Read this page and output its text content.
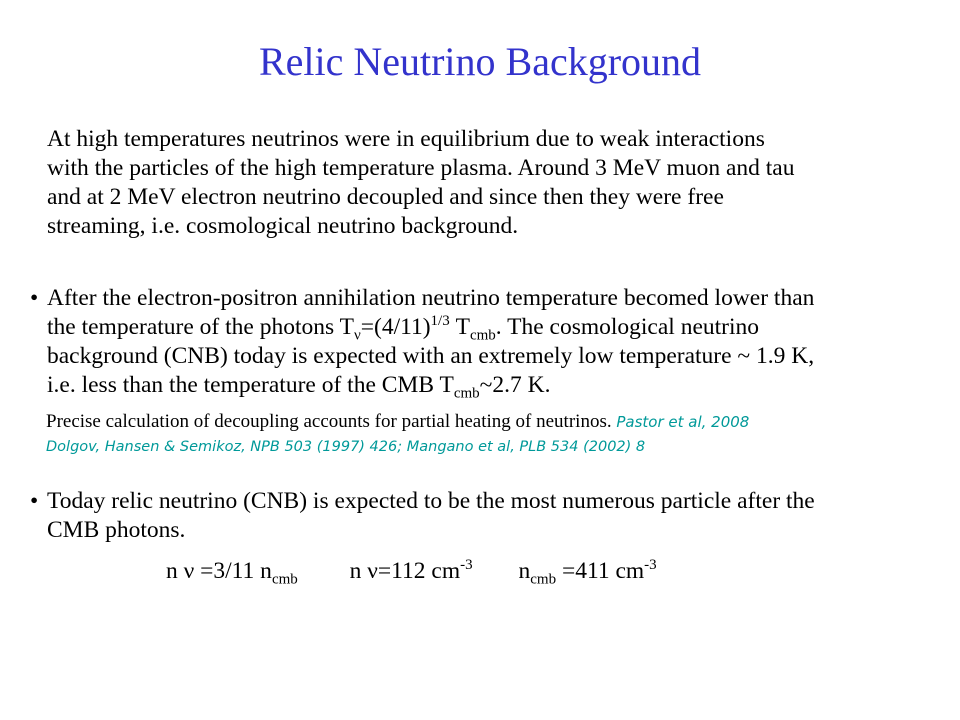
Relic Neutrino Background

At high temperatures neutrinos were in equilibrium due to weak interactions

with the particles of the high temperature plasma. Around 3 MeV muon and tau

and at 2 MeV electron neutrino decoupled and since then they were free

streaming, i.e. cosmological neutrino background.

• After the electron-positron annihilation neutrino temperature becomed lower than
the temperature of the photons $T_\nu=(4/11)^{1/3}$ $T_{cmb}$. The cosmological neutrino
background (CNB) today is expected with an extremely low temperature ~ 1.9 K,
i.e. less than the temperature of the CMB $T_{cmb}\sim 2.7$ K.
Precise calculation of decoupling accounts for partial heating of neutrinos. Pastor et al, 2008
Dolgov, Hansen & Semikoz, NPB 503 (1997) 426; Mangano et al, PLB 534 (2002) 8
• Today relic neutrino (CNB) is expected to be the most numerous particle after the
CMB photons.
n ν =3/11 $n_{cmb}$ n ν=112 $cm^{-3}$ $n_{cmb} =411$ $cm^{-3}$
